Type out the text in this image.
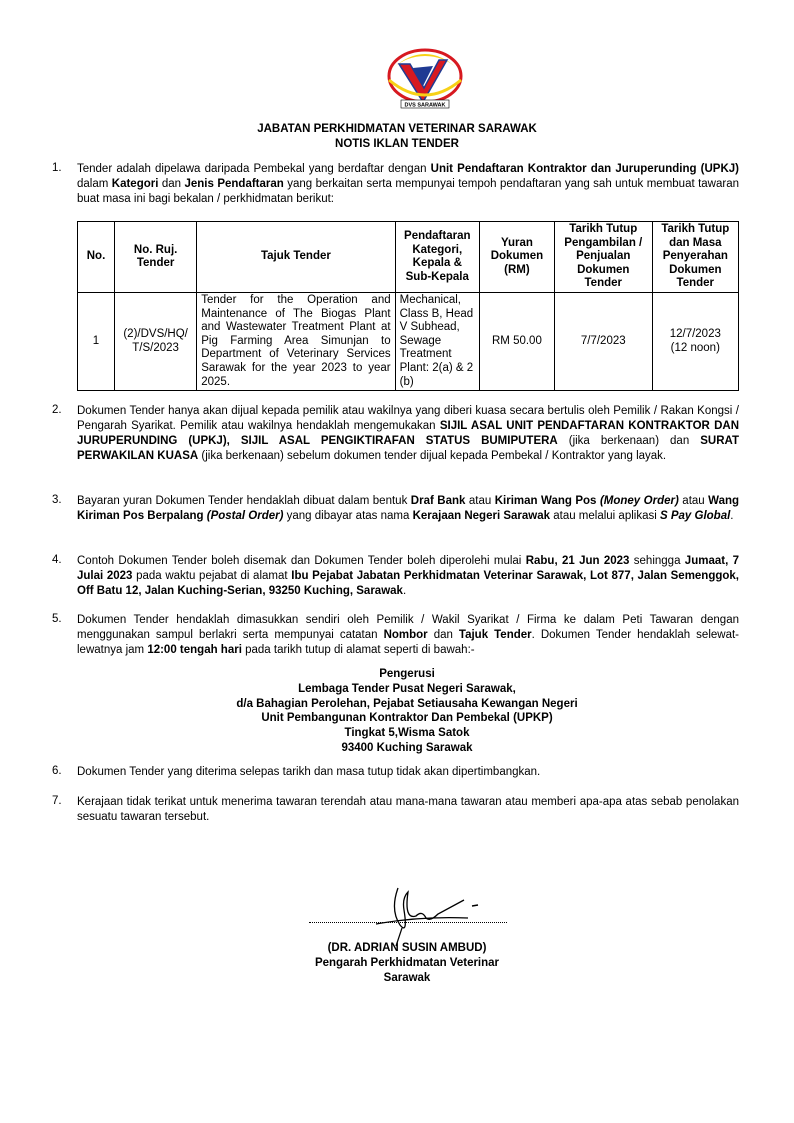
DVS SARAWAK
JABATAN PERKHIDMATAN VETERINAR SARAWAK
NOTIS IKLAN TENDER
1. Tender adalah dipelawa daripada Pembekal yang berdaftar dengan Unit Pendaftaran Kontraktor dan Juruperunding (UPKJ) dalam Kategori dan Jenis Pendaftaran yang berkaitan serta mempunyai tempoh pendaftaran yang sah untuk membuat tawaran buat masa ini bagi bekalan / perkhidmatan berikut:
No.	No. Ruj. Tender	Tajuk Tender	Pendaftaran Kategori, Kepala & Sub-Kepala	Yuran Dokumen (RM)	Tarikh Tutup Pengambilan / Penjualan Dokumen Tender	Tarikh Tutup dan Masa Penyerahan Dokumen Tender
1	(2)/DVS/HQ/T/S/2023	Tender for the Operation and Maintenance of The Biogas Plant and Wastewater Treatment Plant at Pig Farming Area Simunjan to Department of Veterinary Services Sarawak for the year 2023 to year 2025.	Mechanical, Class B, Head V Subhead, Sewage Treatment Plant: 2(a) & 2 (b)	RM 50.00	7/7/2023	12/7/2023
(12 noon)
2. Dokumen Tender hanya akan dijual kepada pemilik atau wakilnya yang diberi kuasa secara bertulis oleh Pemilik / Rakan Kongsi / Pengarah Syarikat. Pemilik atau wakilnya hendaklah mengemukakan SIJIL ASAL UNIT PENDAFTARAN KONTRAKTOR DAN JURUPERUNDING (UPKJ), SIJIL ASAL PENGIKTIRAFAN STATUS BUMIPUTERA (jika berkenaan) dan SURAT PERWAKILAN KUASA (jika berkenaan) sebelum dokumen tender dijual kepada Pembekal / Kontraktor yang layak.
3. Bayaran yuran Dokumen Tender hendaklah dibuat dalam bentuk Draf Bank atau Kiriman Wang Pos (Money Order) atau Wang Kiriman Pos Berpalang (Postal Order) yang dibayar atas nama Kerajaan Negeri Sarawak atau melalui aplikasi S Pay Global.
4. Contoh Dokumen Tender boleh disemak dan Dokumen Tender boleh diperolehi mulai Rabu, 21 Jun 2023 sehingga Jumaat, 7 Julai 2023 pada waktu pejabat di alamat Ibu Pejabat Jabatan Perkhidmatan Veterinar Sarawak, Lot 877, Jalan Semenggok, Off Batu 12, Jalan Kuching-Serian, 93250 Kuching, Sarawak.
5. Dokumen Tender hendaklah dimasukkan sendiri oleh Pemilik / Wakil Syarikat / Firma ke dalam Peti Tawaran dengan menggunakan sampul berlakri serta mempunyai catatan Nombor dan Tajuk Tender. Dokumen Tender hendaklah selewat-lewatnya jam 12:00 tengah hari pada tarikh tutup di alamat seperti di bawah:-
Pengerusi
Lembaga Tender Pusat Negeri Sarawak,
d/a Bahagian Perolehan, Pejabat Setiausaha Kewangan Negeri
Unit Pembangunan Kontraktor Dan Pembekal (UPKP)
Tingkat 5,Wisma Satok
93400 Kuching Sarawak
6. Dokumen Tender yang diterima selepas tarikh dan masa tutup tidak akan dipertimbangkan.
7. Kerajaan tidak terikat untuk menerima tawaran terendah atau mana-mana tawaran atau memberi apa-apa atas sebab penolakan sesuatu tawaran tersebut.
(DR. ADRIAN SUSIN AMBUD)
Pengarah Perkhidmatan Veterinar
Sarawak
